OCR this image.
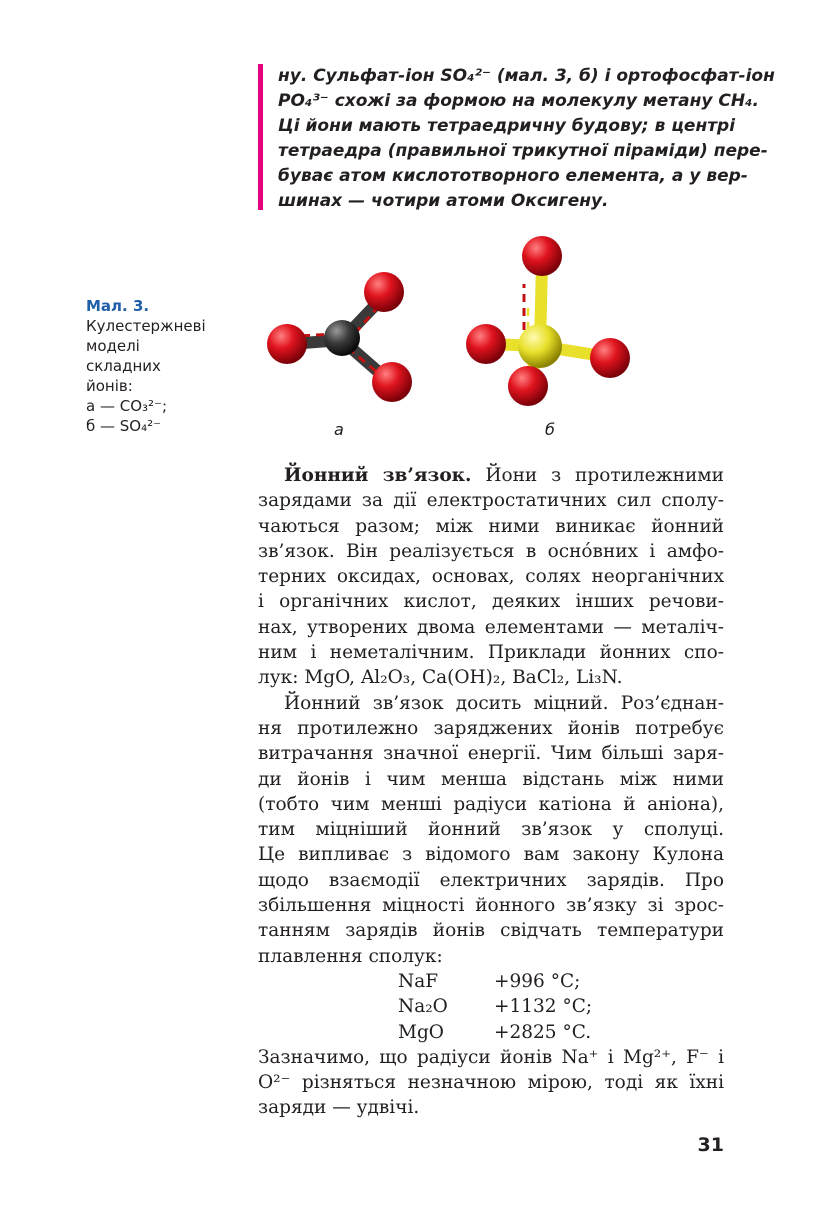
ну. Сульфат-іон SO₄²⁻ (мал. 3, б) і ортофосфат-іон
PO₄³⁻ схожі за формою на молекулу метану CH₄.
Ці йони мають тетраедричну будову; в центрі
тетраедра (правильної трикутної піраміди) пере-
буває атом кислототворного елемента, а у вер-
шинах — чотири атоми Оксигену.
Мал. 3.
Кулестержневі
моделі
складних
йонів:
а — CO₃²⁻;
б — SO₄²⁻	а	б
Йонний зв’язок. Йони з протилежними
зарядами за дії електростатичних сил сполу-
чаються разом; між ними виникає йонний
зв’язок. Він реалізується в оснóвних і амфо-
терних оксидах, основах, солях неорганічних
і органічних кислот, деяких інших речови-
нах, утворених двома елементами — металіч-
ним і неметалічним. Приклади йонних спо-
лук: MgO, Al₂O₃, Ca(OH)₂, BaCl₂, Li₃N.
Йонний зв’язок досить міцний. Роз’єднан-
ня протилежно заряджених йонів потребує
витрачання значної енергії. Чим більші заря-
ди йонів і чим менша відстань між ними
(тобто чим менші радіуси катіона й аніона),
тим міцніший йонний зв’язок у сполуці.
Це випливає з відомого вам закону Кулона
щодо взаємодії електричних зарядів. Про
збільшення міцності йонного зв’язку зі зрос-
танням зарядів йонів свідчать температури
плавлення сполук:
NaF	+996 °C;
Na₂O +1132 °C;
MgO	+2825 °C.
Зазначимо, що радіуси йонів Na⁺ і Mg²⁺, F⁻ і
O²⁻ різняться незначною мірою, тоді як їхні
заряди — удвічі.
31
